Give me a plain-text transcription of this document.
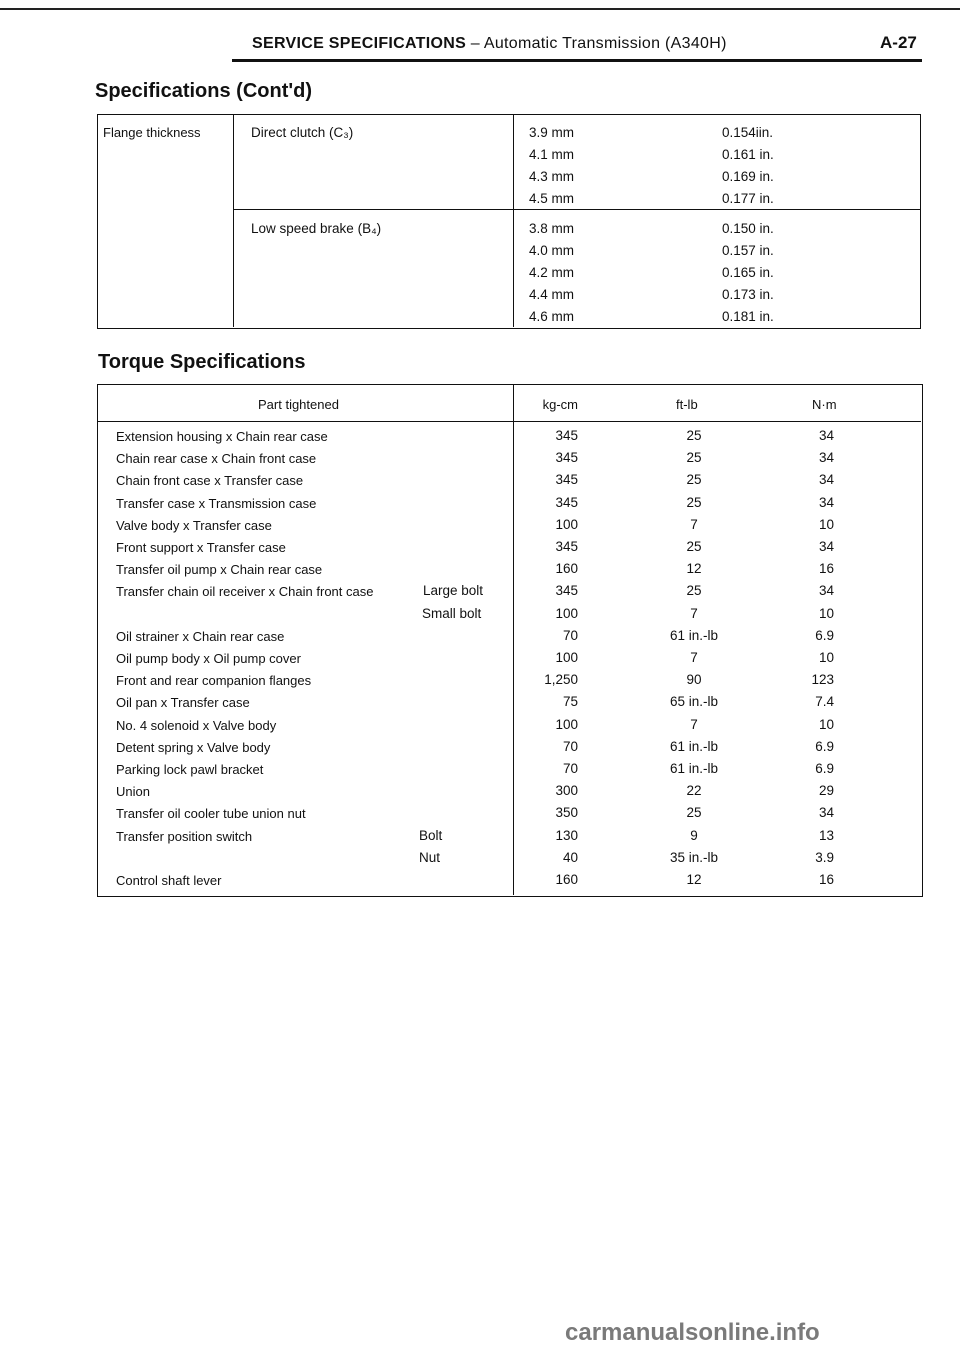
SERVICE SPECIFICATIONS – Automatic Transmission (A340H)	A-27
Specifications (Cont'd)
Flange thickness	Direct clutch (C₃)	3.9 mm	0.154iin.
4.1 mm	0.161 in.
4.3 mm	0.169 in.
4.5 mm	0.177 in.
Low speed brake (B₄)	3.8 mm	0.150 in.
4.0 mm	0.157 in.
4.2 mm	0.165 in.
4.4 mm	0.173 in.
4.6 mm	0.181 in.
Torque Specifications
Part tightened	kg-cm	ft-lb	N·m
Extension housing x Chain rear case	345	25	34
Chain rear case x Chain front case	345	25	34
Chain front case x Transfer case	345	25	34
Transfer case x Transmission case	345	25	34
Valve body x Transfer case	100	7	10
Front support x Transfer case	345	25	34
Transfer oil pump x Chain rear case	160	12	16
Transfer chain oil receiver x Chain front case	Large bolt	345	25	34
Small bolt	100	7	10
Oil strainer x Chain rear case	70	61 in.-lb	6.9
Oil pump body x Oil pump cover	100	7	10
Front and rear companion flanges	1,250	90	123
Oil pan x Transfer case	75	65 in.-lb	7.4
No. 4 solenoid x Valve body	100	7	10
Detent spring x Valve body	70	61 in.-lb	6.9
Parking lock pawl bracket	70	61 in.-lb	6.9
Union	300	22	29
Transfer oil cooler tube union nut	350	25	34
Transfer position switch	Bolt	130	9	13
Nut	40	35 in.-lb	3.9
Control shaft lever	160	12	16
carmanualsonline.info
